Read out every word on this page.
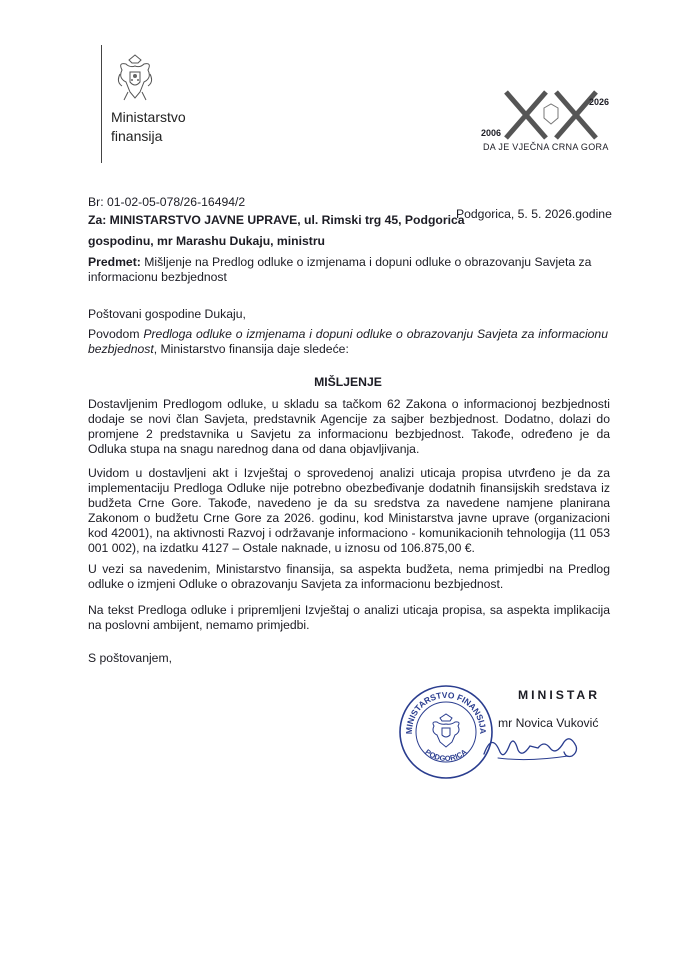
Ministarstvo
finansija	2006
2026
DA JE VJEČNA CRNA GORA
Br: 01-02-05-078/26-16494/2
Podgorica, 5. 5. 2026.godine
Za: MINISTARSTVO JAVNE UPRAVE, ul. Rimski trg 45, Podgorica
gospodinu, mr Marashu Dukaju, ministru
Predmet: Mišljenje na Predlog odluke o izmjenama i dopuni odluke o obrazovanju Savjeta za
informacionu bezbjednost
Poštovani gospodine Dukaju,
Povodom Predloga odluke o izmjenama i dopuni odluke o obrazovanju Savjeta za informacionu bezbjednost, Ministarstvo finansija daje sledeće:
MIŠLJENJE
Dostavljenim Predlogom odluke, u skladu sa tačkom 62 Zakona o informacionoj bezbjednosti dodaje se novi član Savjeta, predstavnik Agencije za sajber bezbjednost. Dodatno, dolazi do promjene 2 predstavnika u Savjetu za informacionu bezbjednost. Takođe, određeno je da Odluka stupa na snagu narednog dana od dana objavljivanja.
Uvidom u dostavljeni akt i Izvještaj o sprovedenoj analizi uticaja propisa utvrđeno je da za implementaciju Predloga Odluke nije potrebno obezbeđivanje dodatnih finansijskih sredstava iz budžeta Crne Gore. Takođe, navedeno je da su sredstva za navedene namjene planirana Zakonom o budžetu Crne Gore za 2026. godinu, kod Ministarstva javne uprave (organizacioni kod 42001), na aktivnosti Razvoj i održavanje informaciono - komunikacionih tehnologija (11 053 001 002), na izdatku 4127 – Ostale naknade, u iznosu od 106.875,00 €.
U vezi sa navedenim, Ministarstvo finansija, sa aspekta budžeta, nema primjedbi na Predlog odluke o izmjeni Odluke o obrazovanju Savjeta za informacionu bezbjednost.
Na tekst Predloga odluke i pripremljeni Izvještaj o analizi uticaja propisa, sa aspekta implikacija na poslovni ambijent, nemamo primjedbi.
S poštovanjem,
MINISTAR
mr Novica Vuković
MINISTARSTVO FINANSIJA
PODGORICA
